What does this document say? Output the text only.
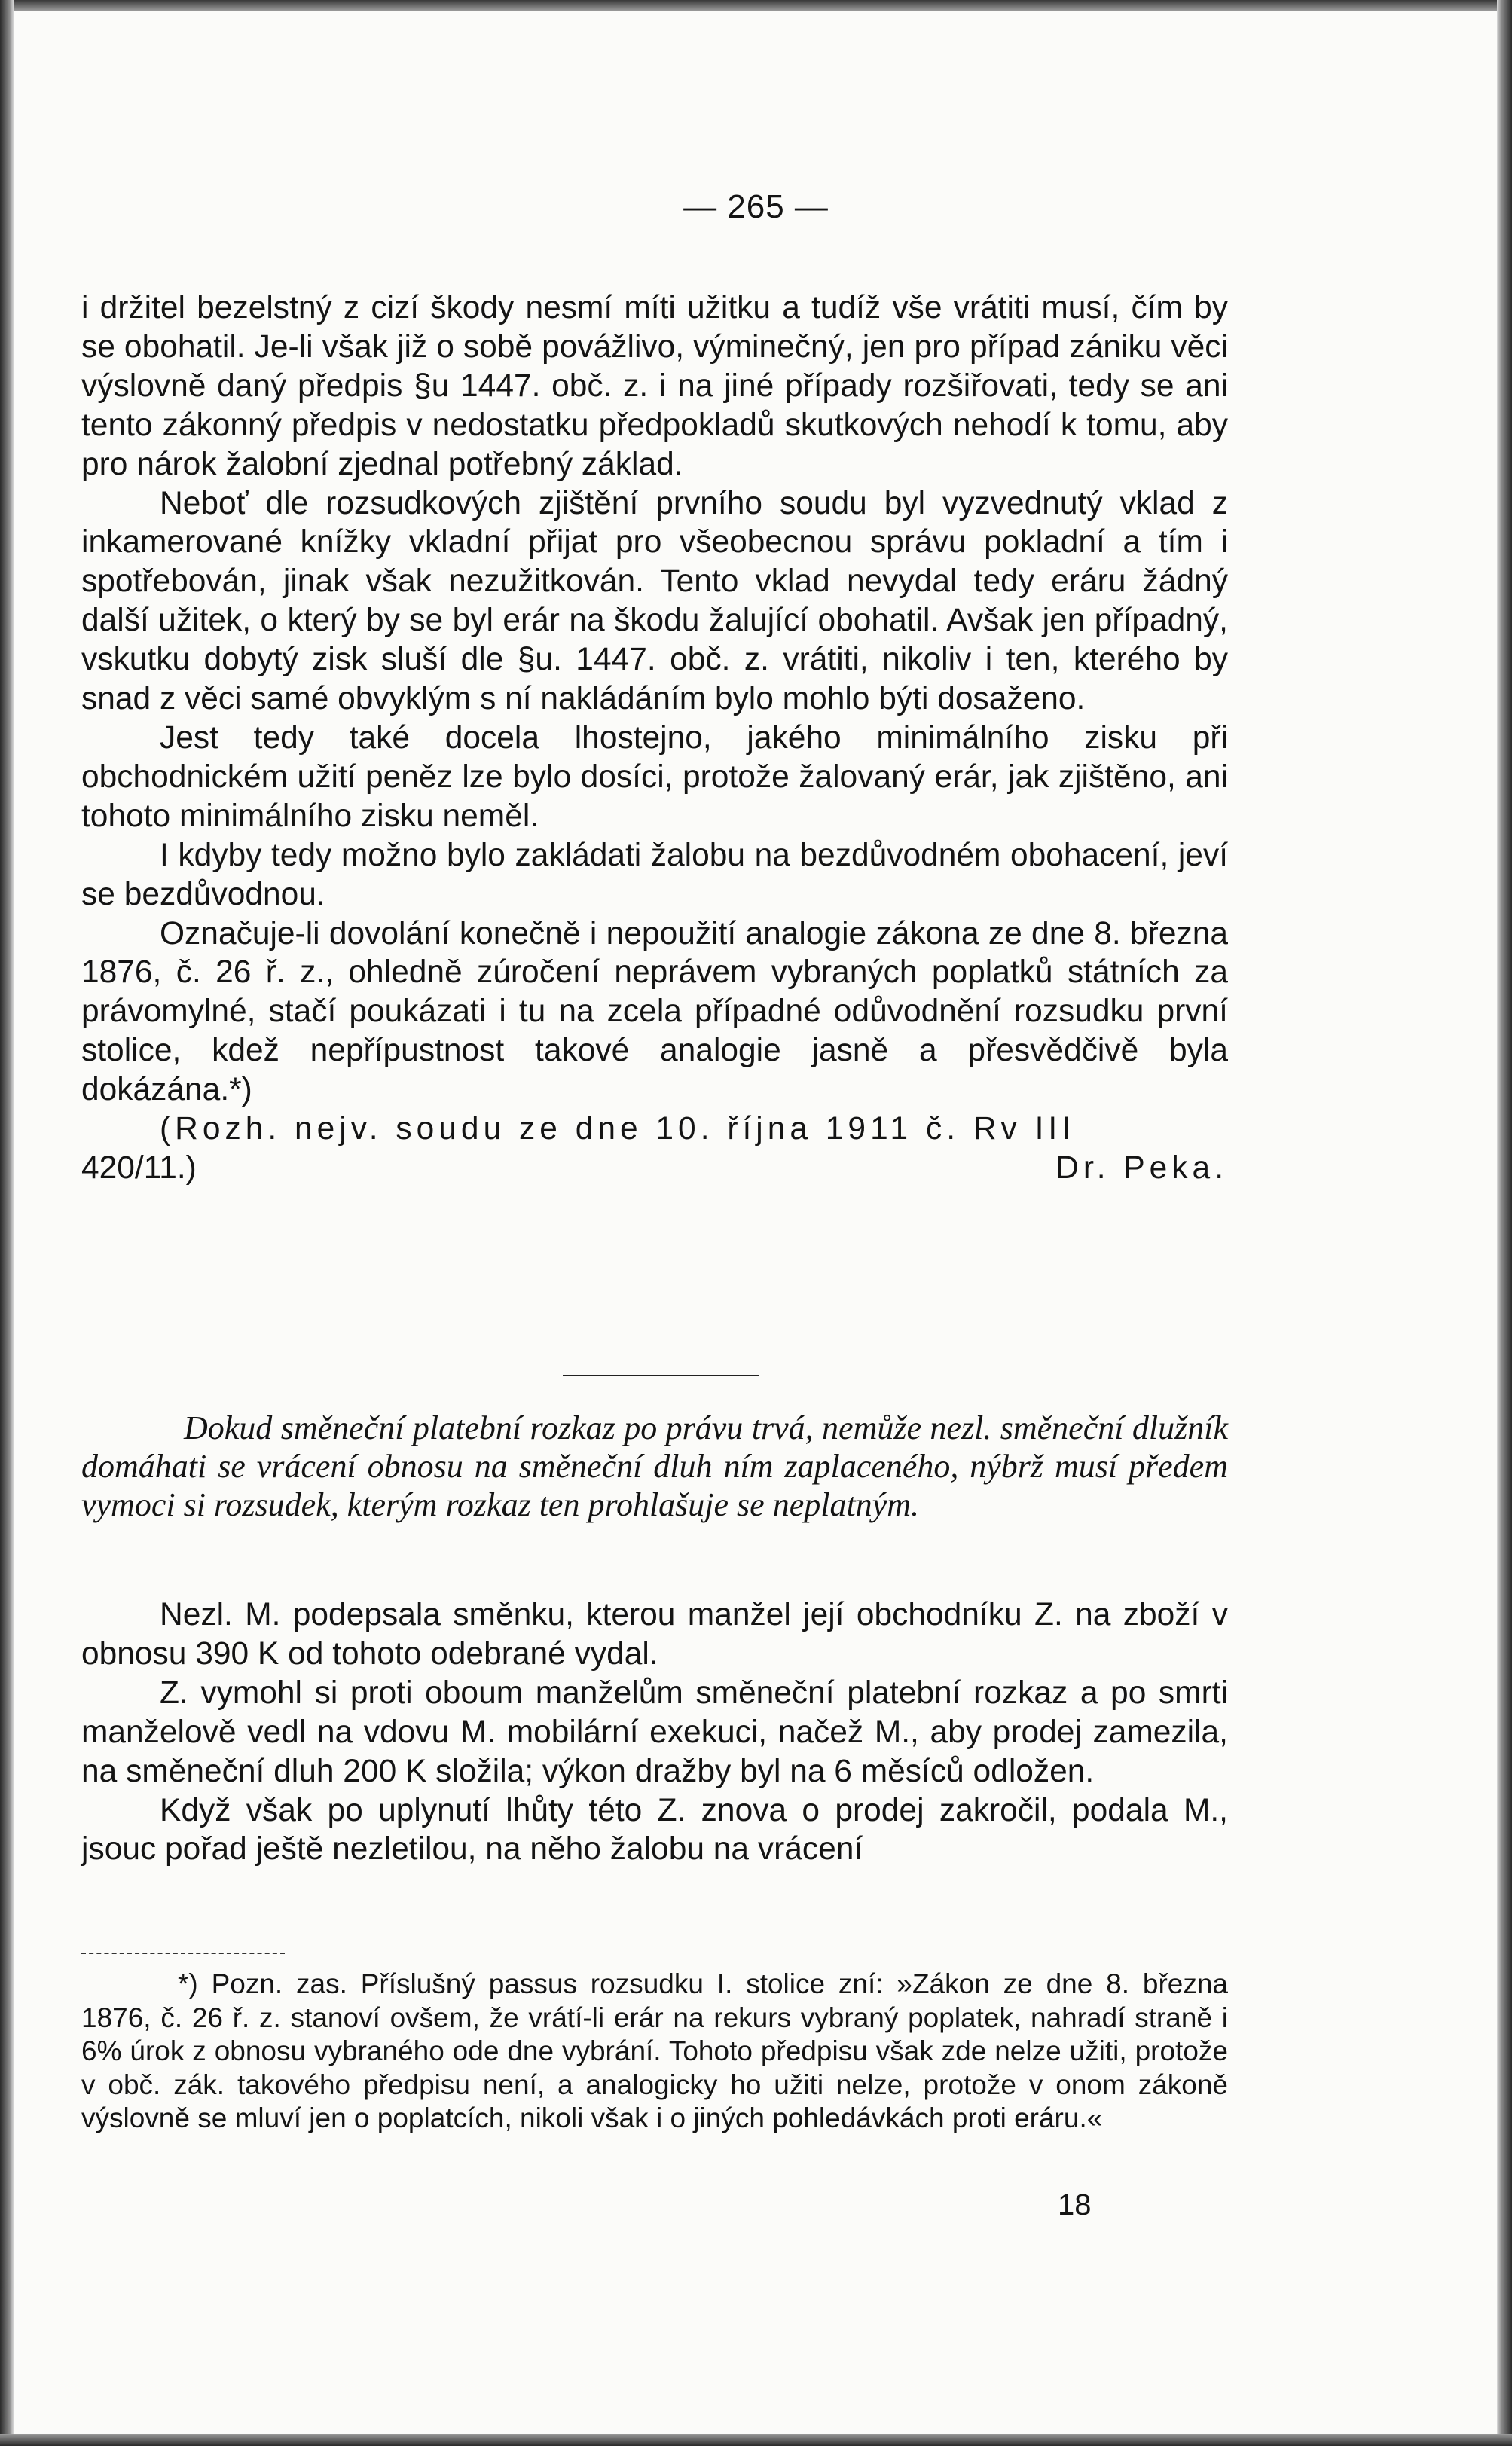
— 265 —

i držitel bezelstný z cizí škody nesmí míti užitku a tudíž vše vrátiti musí, čím by se obohatil. Je-li však již o sobě povážlivo, výminečný, jen pro případ zániku věci výslovně daný předpis §u 1447. obč. z. i na jiné případy rozšiřovati, tedy se ani tento zákonný předpis v nedostatku předpokladů skutkových nehodí k tomu, aby pro nárok žalobní zjednal potřebný základ.

Neboť dle rozsudkových zjištění prvního soudu byl vyzvednutý vklad z inkamerované knížky vkladní přijat pro všeobecnou správu pokladní a tím i spotřebován, jinak však nezužitkován. Tento vklad nevydal tedy eráru žádný další užitek, o který by se byl erár na škodu žalující obohatil. Avšak jen případný, vskutku dobytý zisk sluší dle §u. 1447. obč. z. vrátiti, nikoliv i ten, kterého by snad z věci samé obvyklým s ní nakládáním bylo mohlo býti dosaženo.

Jest tedy také docela lhostejno, jakého minimálního zisku při obchodnickém užití peněz lze bylo dosíci, protože žalovaný erár, jak zjištěno, ani tohoto minimálního zisku neměl.

I kdyby tedy možno bylo zakládati žalobu na bezdůvodném obohacení, jeví se bezdůvodnou.

Označuje-li dovolání konečně i nepoužití analogie zákona ze dne 8. března 1876, č. 26 ř. z., ohledně zúročení neprávem vybraných poplatků státních za právomylné, stačí poukázati i tu na zcela případné odůvodnění rozsudku první stolice, kdež nepřípustnost takové analogie jasně a přesvědčivě byla dokázána.*)

(Rozh. nejv. soudu ze dne 10. října 1911 č. Rv III

420/11.)	Dr. Peka.

Dokud směneční platební rozkaz po právu trvá, nemůže nezl. směneční dlužník domáhati se vrácení obnosu na směneční dluh ním zaplaceného, nýbrž musí předem vymoci si rozsudek, kterým rozkaz ten prohlašuje se neplatným.

Nezl. M. podepsala směnku, kterou manžel její obchodníku Z. na zboží v obnosu 390 K od tohoto odebrané vydal.

Z. vymohl si proti oboum manželům směneční platební rozkaz a po smrti manželově vedl na vdovu M. mobilární exekuci, načež M., aby prodej zamezila, na směneční dluh 200 K složila; výkon dražby byl na 6 měsíců odložen.

Když však po uplynutí lhůty této Z. znova o prodej zakročil, podala M., jsouc pořad ještě nezletilou, na něho žalobu na vrácení

*) Pozn. zas. Příslušný passus rozsudku I. stolice zní: »Zákon ze dne 8. března 1876, č. 26 ř. z. stanoví ovšem, že vrátí-li erár na rekurs vybraný poplatek, nahradí straně i 6% úrok z obnosu vybraného ode dne vybrání. Tohoto předpisu však zde nelze užiti, protože v obč. zák. takového předpisu není, a analogicky ho užiti nelze, protože v onom zákoně výslovně se mluví jen o poplatcích, nikoli však i o jiných pohledávkách proti eráru.«

18
